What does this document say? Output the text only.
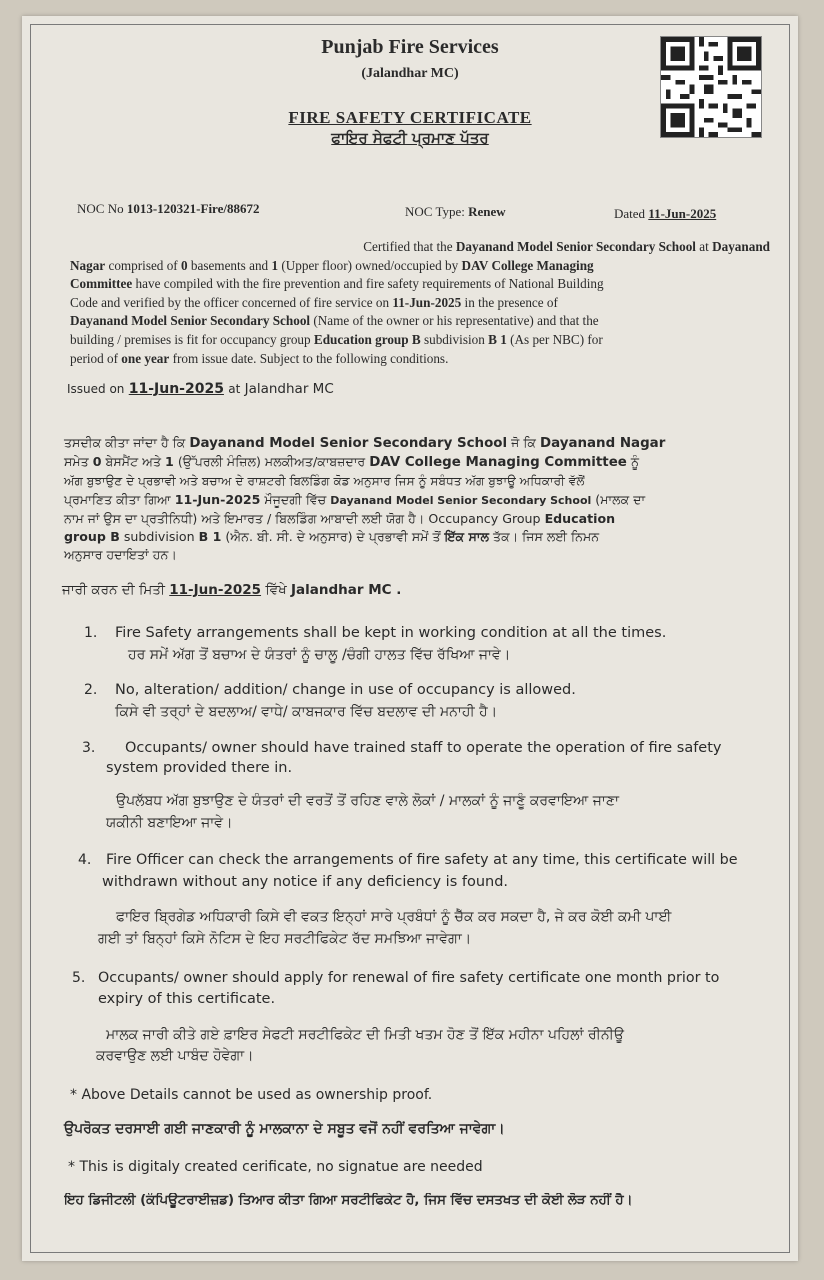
Punjab Fire Services
(Jalandhar MC)
FIRE SAFETY CERTIFICATE
ਫਾਇਰ ਸੇਫਟੀ ਪ੍ਰਮਾਣ ਪੱਤਰ
NOC No 1013-120321-Fire/88672	NOC Type: Renew	Dated 11-Jun-2025
Certified that the Dayanand Model Senior Secondary School at Dayanand
Nagar comprised of 0 basements and 1 (Upper floor) owned/occupied by DAV College Managing
Committee have compiled with the fire prevention and fire safety requirements of National Building
Code and verified by the officer concerned of fire service on 11-Jun-2025 in the presence of
Dayanand Model Senior Secondary School (Name of the owner or his representative) and that the
building / premises is fit for occupancy group Education group B subdivision B 1 (As per NBC) for
period of one year from issue date. Subject to the following conditions.
Issued on 11-Jun-2025 at Jalandhar MC
ਤਸਦੀਕ ਕੀਤਾ ਜਾਂਦਾ ਹੈ ਕਿ Dayanand Model Senior Secondary School ਜੋ ਕਿ Dayanand Nagar
ਸਮੇਤ 0 ਬੇਸਮੈਂਟ ਅਤੇ 1 (ਉੱਪਰਲੀ ਮੰਜ਼ਿਲ) ਮਲਕੀਅਤ/ਕਾਬਜ਼ਦਾਰ DAV College Managing Committee ਨੂੰ
ਅੱਗ ਬੁਝਾਉਣ ਦੇ ਪ੍ਰਭਾਵੀ ਅਤੇ ਬਚਾਅ ਦੇ ਰਾਸ਼ਟਰੀ ਬਿਲਡਿੰਗ ਕੋਡ ਅਨੁਸਾਰ ਜਿਸ ਨੂੰ ਸਬੰਧਤ ਅੱਗ ਬੁਝਾਊ ਅਧਿਕਾਰੀ ਵੱਲੋਂ
ਪ੍ਰਮਾਣਿਤ ਕੀਤਾ ਗਿਆ 11-Jun-2025 ਮੌਜੂਦਗੀ ਵਿੱਚ Dayanand Model Senior Secondary School (ਮਾਲਕ ਦਾ
ਨਾਮ ਜਾਂ ਉਸ ਦਾ ਪ੍ਰਤੀਨਿਧੀ) ਅਤੇ ਇਮਾਰਤ / ਬਿਲਡਿੰਗ ਆਬਾਦੀ ਲਈ ਯੋਗ ਹੈ। Occupancy Group Education
group B subdivision B 1 (ਐਨ. ਬੀ. ਸੀ. ਦੇ ਅਨੁਸਾਰ) ਦੇ ਪ੍ਰਭਾਵੀ ਸਮੇਂ ਤੋਂ ਇੱਕ ਸਾਲ ਤੱਕ। ਜਿਸ ਲਈ ਨਿਮਨ
ਅਨੁਸਾਰ ਹਦਾਇਤਾਂ ਹਨ।
ਜਾਰੀ ਕਰਨ ਦੀ ਮਿਤੀ 11-Jun-2025 ਵਿੱਖੇ Jalandhar MC .
1. Fire Safety arrangements shall be kept in working condition at all the times.
ਹਰ ਸਮੇਂ ਅੱਗ ਤੋਂ ਬਚਾਅ ਦੇ ਯੰਤਰਾਂ ਨੂੰ ਚਾਲੂ /ਚੰਗੀ ਹਾਲਤ ਵਿੱਚ ਰੱਖਿਆ ਜਾਵੇ।
2. No, alteration/ addition/ change in use of occupancy is allowed.
ਕਿਸੇ ਵੀ ਤਰ੍ਹਾਂ ਦੇ ਬਦਲਾਅ/ ਵਾਧੇ/ ਕਾਬਜਕਾਰ ਵਿੱਚ ਬਦਲਾਵ ਦੀ ਮਨਾਹੀ ਹੈ।
3. Occupants/ owner should have trained staff to operate the operation of fire safety
system provided there in.
ਉਪਲੱਬਧ ਅੱਗ ਬੁਝਾਉਣ ਦੇ ਯੰਤਰਾਂ ਦੀ ਵਰਤੋਂ ਤੋਂ ਰਹਿਣ ਵਾਲੇ ਲੋਕਾਂ / ਮਾਲਕਾਂ ਨੂੰ ਜਾਣੂੰ ਕਰਵਾਇਆ ਜਾਣਾ
ਯਕੀਨੀ ਬਣਾਇਆ ਜਾਵੇ।
4. Fire Officer can check the arrangements of fire safety at any time, this certificate will be
withdrawn without any notice if any deficiency is found.
ਫਾਇਰ ਬ੍ਰਿਗੇਡ ਅਧਿਕਾਰੀ ਕਿਸੇ ਵੀ ਵਕਤ ਇਨ੍ਹਾਂ ਸਾਰੇ ਪ੍ਰਬੰਧਾਂ ਨੂੰ ਚੈੱਕ ਕਰ ਸਕਦਾ ਹੈ, ਜੇ ਕਰ ਕੋਈ ਕਮੀ ਪਾਈ
ਗਈ ਤਾਂ ਬਿਨ੍ਹਾਂ ਕਿਸੇ ਨੋਟਿਸ ਦੇ ਇਹ ਸਰਟੀਫਿਕੇਟ ਰੱਦ ਸਮਝਿਆ ਜਾਵੇਗਾ।
5. Occupants/ owner should apply for renewal of fire safety certificate one month prior to
expiry of this certificate.
ਮਾਲਕ ਜਾਰੀ ਕੀਤੇ ਗਏ ਫ਼ਾਇਰ ਸੇਫਟੀ ਸਰਟੀਫਿਕੇਟ ਦੀ ਮਿਤੀ ਖਤਮ ਹੋਣ ਤੋਂ ਇੱਕ ਮਹੀਨਾ ਪਹਿਲਾਂ ਰੀਨੀਊ
ਕਰਵਾਉਣ ਲਈ ਪਾਬੰਦ ਹੋਵੇਗਾ।
* Above Details cannot be used as ownership proof.
ਉਪਰੋਕਤ ਦਰਸਾਈ ਗਈ ਜਾਣਕਾਰੀ ਨੂੰ ਮਾਲਕਾਨਾ ਦੇ ਸਬੂਤ ਵਜੋਂ ਨਹੀਂ ਵਰਤਿਆ ਜਾਵੇਗਾ।
* This is digitaly created cerificate, no signatue are needed
ਇਹ ਡਿਜੀਟਲੀ (ਕੰਪਿਊਟਰਾਈਜ਼ਡ) ਤਿਆਰ ਕੀਤਾ ਗਿਆ ਸਰਟੀਫਿਕੇਟ ਹੈ, ਜਿਸ ਵਿੱਚ ਦਸਤਖਤ ਦੀ ਕੋਈ ਲੋੜ ਨਹੀਂ ਹੈ।
